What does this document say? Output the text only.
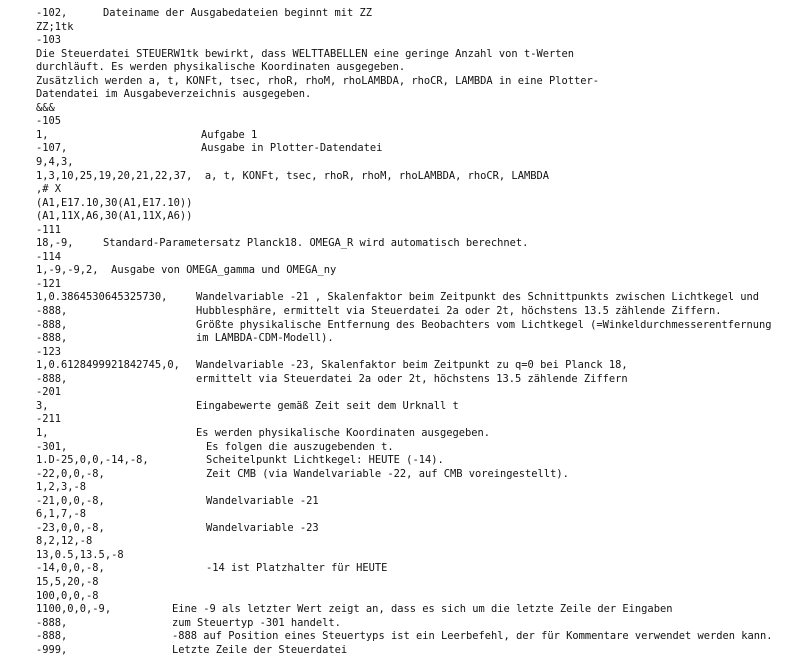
-102,	Dateiname der Ausgabedateien beginnt mit ZZ
ZZ;1tk
-103
Die Steuerdatei STEUERW1tk bewirkt, dass WELTTABELLEN eine geringe Anzahl von t-Werten
durchläuft. Es werden physikalische Koordinaten ausgegeben.
Zusätzlich werden a, t, KONFt, tsec, rhoR, rhoM, rhoLAMBDA, rhoCR, LAMBDA in eine Plotter-
Datendatei im Ausgabeverzeichnis ausgegeben.
&&&
-105
1,	Aufgabe 1
-107,	Ausgabe in Plotter-Datendatei
9,4,3,
1,3,10,25,19,20,21,22,37,  a, t, KONFt, tsec, rhoR, rhoM, rhoLAMBDA, rhoCR, LAMBDA
,# X
(A1,E17.10,30(A1,E17.10))
(A1,11X,A6,30(A1,11X,A6))
-111
18,-9,	Standard-Parametersatz Planck18. OMEGA_R wird automatisch berechnet.
-114
1,-9,-9,2,  Ausgabe von OMEGA_gamma und OMEGA_ny
-121
1,0.3864530645325730,	Wandelvariable -21 , Skalenfaktor beim Zeitpunkt des Schnittpunkts zwischen Lichtkegel und
-888,	Hubblesphäre, ermittelt via Steuerdatei 2a oder 2t, höchstens 13.5 zählende Ziffern.
-888,	Größte physikalische Entfernung des Beobachters vom Lichtkegel (=Winkeldurchmesserentfernung
-888,	im LAMBDA-CDM-Modell).
-123
1,0.6128499921842745,0, Wandelvariable -23, Skalenfaktor beim Zeitpunkt zu q=0 bei Planck 18,
-888,	ermittelt via Steuerdatei 2a oder 2t, höchstens 13.5 zählende Ziffern
-201
3,	Eingabewerte gemäß Zeit seit dem Urknall t
-211
1,	Es werden physikalische Koordinaten ausgegeben.
-301,	Es folgen die auszugebenden t.
1.D-25,0,0,-14,-8,	Scheitelpunkt Lichtkegel: HEUTE (-14).
-22,0,0,-8,	Zeit CMB (via Wandelvariable -22, auf CMB voreingestellt).
1,2,3,-8
-21,0,0,-8,	Wandelvariable -21
6,1,7,-8
-23,0,0,-8,	Wandelvariable -23
8,2,12,-8
13,0.5,13.5,-8
-14,0,0,-8,	-14 ist Platzhalter für HEUTE
15,5,20,-8
100,0,0,-8
1100,0,0,-9,	Eine -9 als letzter Wert zeigt an, dass es sich um die letzte Zeile der Eingaben
-888,	zum Steuertyp -301 handelt.
-888,	-888 auf Position eines Steuertyps ist ein Leerbefehl, der für Kommentare verwendet werden kann.
-999,	Letzte Zeile der Steuerdatei
